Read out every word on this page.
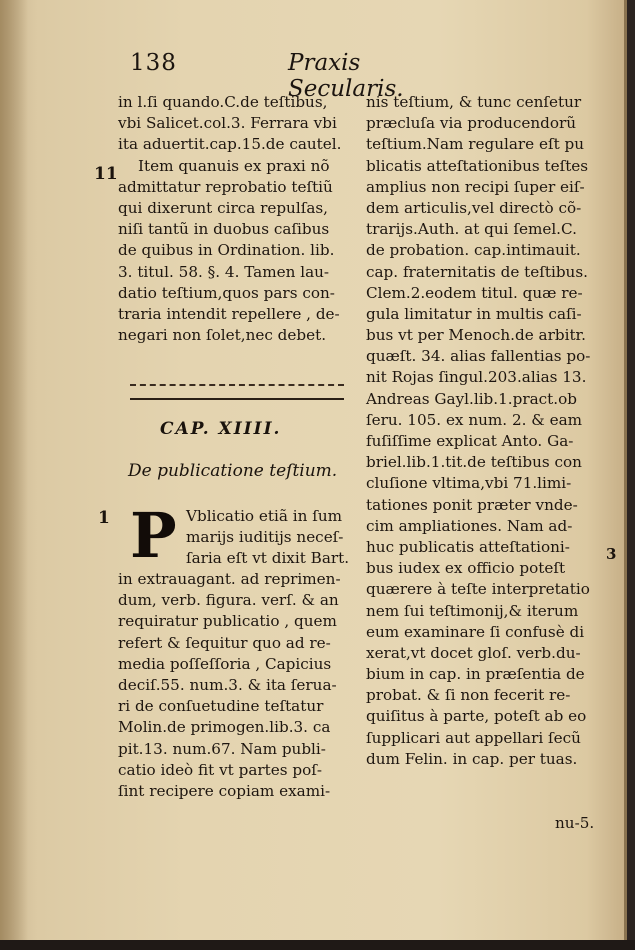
138	Praxis Secularis.
11
in l.ſi quando.C.de teſtibus,
vbi Salicet.col.3. Ferrara vbi
ita aduertit.cap.15.de cautel.
Item quanuis ex praxi nõ
admittatur reprobatio teſtiũ
qui dixerunt circa repulſas,
niſi tantũ in duobus caſibus
de quibus in Ordination. lib.
3. titul. 58. §. 4. Tamen lau-
datio teſtium,quos pars con-
traria intendit repellere , de-
negari non ſolet,nec debet.
CAP. XIIII.
De publicatione teſtium.
1 P Vblicatio etiã in ſum
marijs iuditijs neceſ-
ſaria eſt vt dixit Bart.
in extrauagant. ad reprimen-
dum, verb. figura. verſ. & an
requiratur publicatio , quem
refert & ſequitur quo ad re-
media poſſeſſoria , Capicius
deciſ.55. num.3. & ita ſerua-
ri de conſuetudine teſtatur
Molin.de primogen.lib.3. ca
pit.13. num.67. Nam publi-
catio ideò fit vt partes poſ-
ſint recipere copiam exami-
nis teſtium, & tunc cenſetur
præcluſa via producendorũ
teſtium.Nam regulare eſt pu
blicatis atteſtationibus teſtes
amplius non recipi ſuper eiſ-
dem articulis,vel directò cõ-
trarijs.Auth. at qui ſemel.C.
de probation. cap.intimauit.
cap. fraternitatis de teſtibus.
Clem.2.eodem titul. quæ re-
gula limitatur in multis caſi-
bus vt per Menoch.de arbitr.
quæſt. 34. alias fallentias po-
nit Rojas ſingul.203.alias 13.
Andreas Gayl.lib.1.pract.ob
ſeru. 105. ex num. 2. & eam
fuſiſſime explicat Anto. Ga-
briel.lib.1.tit.de teſtibus con
cluſione vltima,vbi 71.limi-
tationes ponit præter vnde-
cim ampliationes. Nam ad-
huc publicatis atteſtationi-
bus iudex ex officio poteſt
quærere à teſte interpretatio
nem ſui teſtimonij,& iterum
eum examinare ſi confusè di
xerat,vt docet gloſ. verb.du-
bium in cap. in præſentia de
probat. & ſi non fecerit re-
quiſitus à parte, poteſt ab eo
ſupplicari aut appellari ſecũ
dum Felin. in cap. per tuas.
3
nu-5.
